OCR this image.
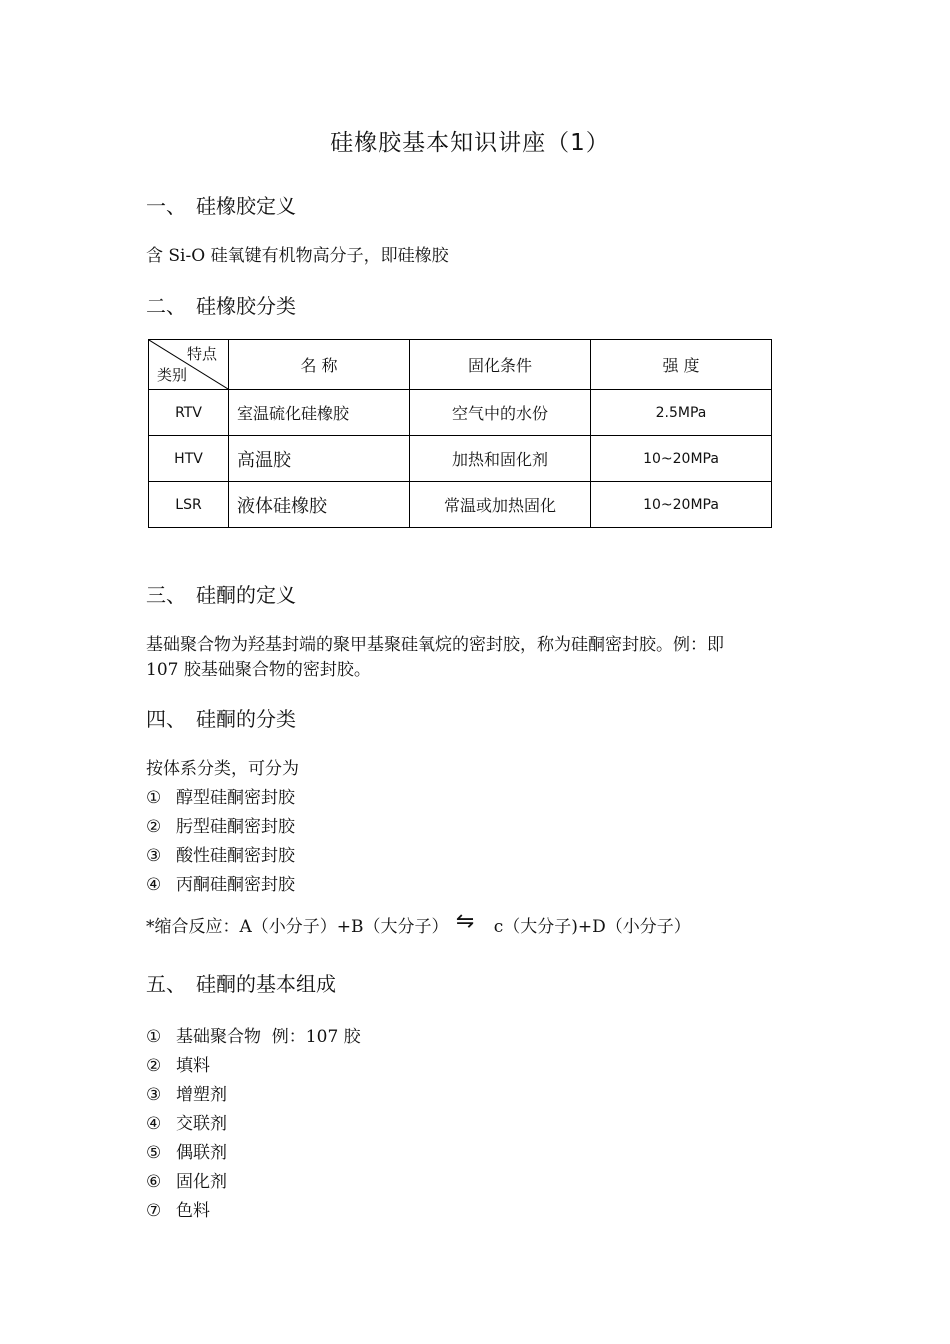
硅橡胶基本知识讲座（1）
一、 硅橡胶定义
含 Si-O 硅氧键有机物高分子，即硅橡胶
二、 硅橡胶分类
特点
类别	名 称	固化条件	强 度
RTV	室温硫化硅橡胶	空气中的水份	2.5MPa
HTV	高温胶	加热和固化剂	10~20MPa
LSR	液体硅橡胶	常温或加热固化	10~20MPa
三、 硅酮的定义
基础聚合物为羟基封端的聚甲基聚硅氧烷的密封胶，称为硅酮密封胶。例：即
107 胶基础聚合物的密封胶。
四、 硅酮的分类
按体系分类，可分为
① 醇型硅酮密封胶
② 肟型硅酮密封胶
③ 酸性硅酮密封胶
④ 丙酮硅酮密封胶
*缩合反应：A（小分子）+B（大分子） ⇋ c（大分子)+D（小分子）
五、 硅酮的基本组成
① 基础聚合物  例：107 胶
② 填料
③ 增塑剂
④ 交联剂
⑤ 偶联剂
⑥ 固化剂
⑦ 色料
